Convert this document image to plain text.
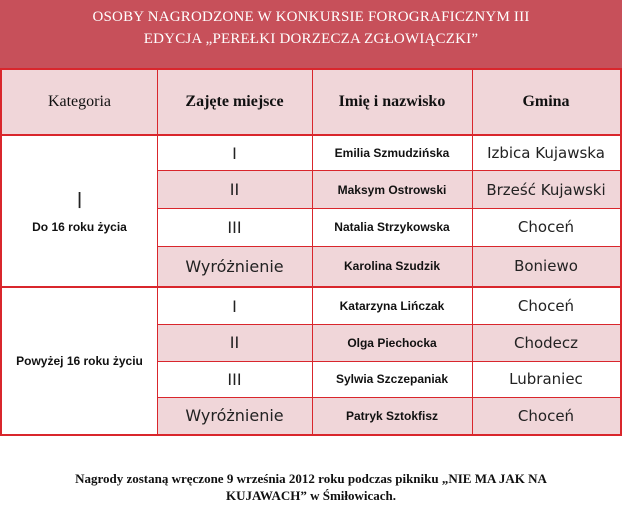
OSOBY NAGRODZONE W KONKURSIE FOROGRAFICZNYM III
EDYCJA „PEREŁKI DORZECZA ZGŁOWIĄCZKI”
Kategoria	Zajęte miejsce	Imię i nazwisko	Gmina
|
Do 16 roku życia
I	Emilia Szmudzińska	Izbica Kujawska
II	Maksym Ostrowski	Brześć Kujawski
III	Natalia Strzykowska	Choceń
Wyróżnienie	Karolina Szudzik	Boniewo
Powyżej 16 roku życiu
I	Katarzyna Lińczak	Choceń
II	Olga Piechocka	Chodecz
III	Sylwia Szczepaniak	Lubraniec
Wyróżnienie	Patryk Sztokfisz	Choceń
Nagrody zostaną wręczone 9 września 2012 roku podczas pikniku „NIE MA JAK NA
KUJAWACH” w Śmiłowicach.
